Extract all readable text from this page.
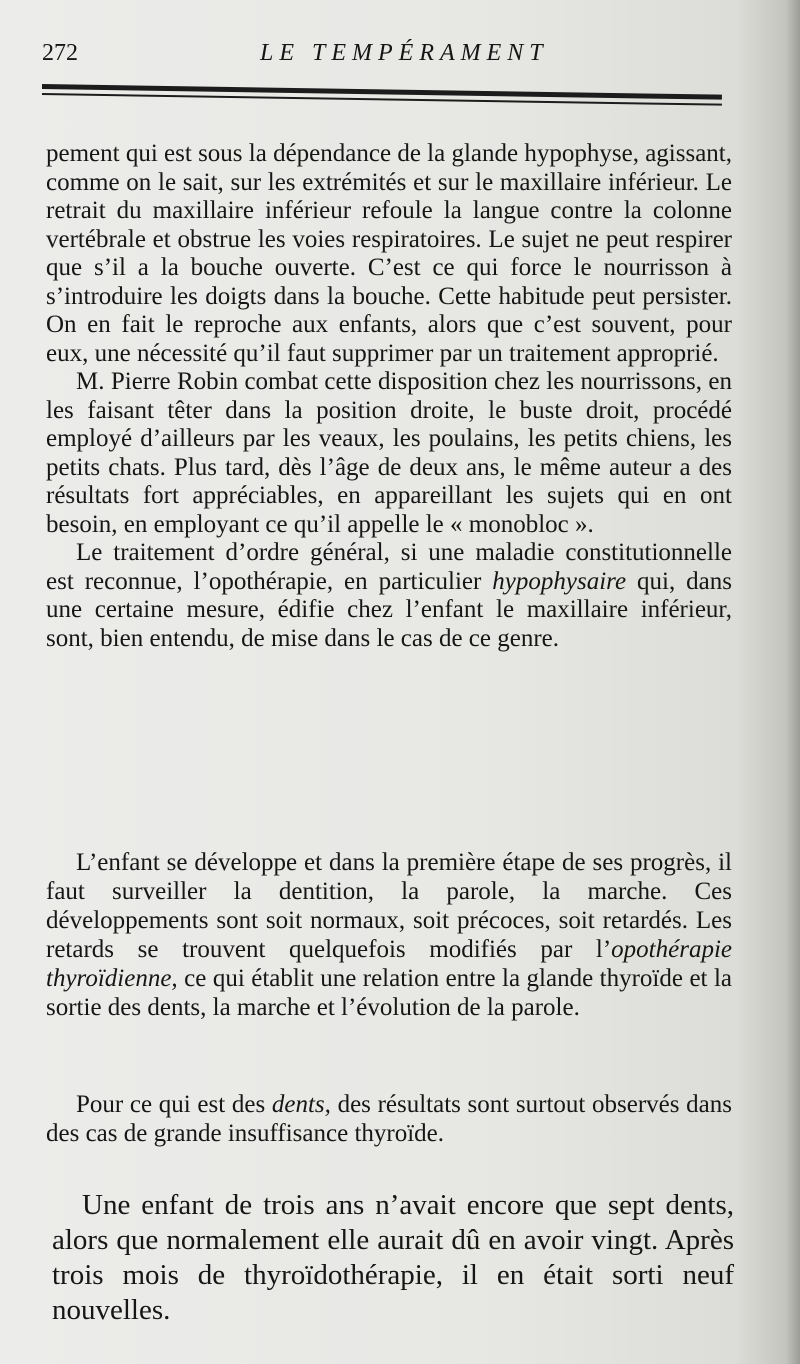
272	LE TEMPÉRAMENT

pement qui est sous la dépendance de la glande hypophyse, agissant, comme on le sait, sur les extrémités et sur le maxillaire inférieur. Le retrait du maxillaire inférieur refoule la langue contre la colonne vertébrale et obstrue les voies respiratoires. Le sujet ne peut respirer que s’il a la bouche ouverte. C’est ce qui force le nourrisson à s’introduire les doigts dans la bouche. Cette habitude peut persister. On en fait le reproche aux enfants, alors que c’est souvent, pour eux, une nécessité qu’il faut supprimer par un traitement approprié.

M. Pierre Robin combat cette disposition chez les nourrissons, en les faisant têter dans la position droite, le buste droit, procédé employé d’ailleurs par les veaux, les poulains, les petits chiens, les petits chats. Plus tard, dès l’âge de deux ans, le même auteur a des résultats fort appréciables, en appareillant les sujets qui en ont besoin, en employant ce qu’il appelle le « monobloc ».

Le traitement d’ordre général, si une maladie constitutionnelle est reconnue, l’opothérapie, en particulier hypophysaire qui, dans une certaine mesure, édifie chez l’enfant le maxillaire inférieur, sont, bien entendu, de mise dans le cas de ce genre.

L’enfant se développe et dans la première étape de ses progrès, il faut surveiller la dentition, la parole, la marche. Ces développements sont soit normaux, soit précoces, soit retardés. Les retards se trouvent quelquefois modifiés par l’opothérapie thyroïdienne, ce qui établit une relation entre la glande thyroïde et la sortie des dents, la marche et l’évolution de la parole.

Pour ce qui est des dents, des résultats sont surtout observés dans des cas de grande insuffisance thyroïde.

Une enfant de trois ans n’avait encore que sept dents, alors que normalement elle aurait dû en avoir vingt. Après trois mois de thyroïdothérapie, il en était sorti neuf nouvelles.
